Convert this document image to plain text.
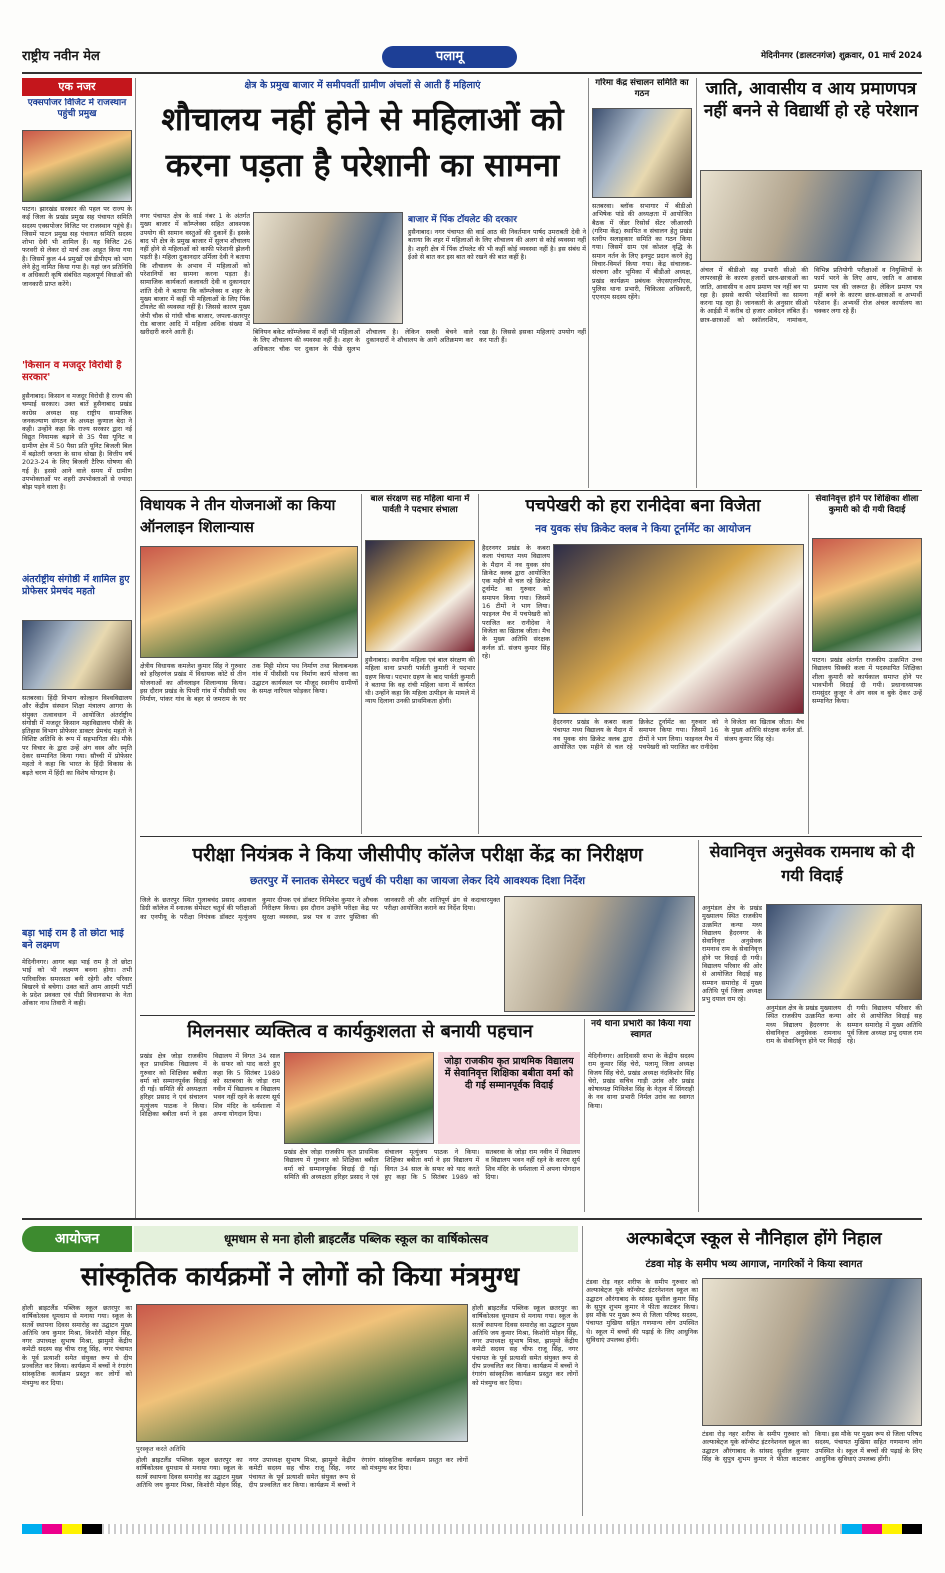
राष्ट्रीय नवीन मेल	पलामू	मेदिनीनगर (डालटनगंज) शुक्रवार, 01 मार्च 2024
एक नजर
एक्सपोजर विजिट में राजस्थान पहुंची प्रमुख
पाटन। झारखंड सरकार की पहल पर राज्य के कई जिला के प्रखंड प्रमुख सह पंचायत समिति सदस्य एक्सपोजर विजिट पर राजस्थान पहुंचे हैं। जिसमें पाटन प्रमुख सह पंचायत समिति सदस्य शोभा देवी भी शामिल हैं। यह विजिट 26 फरवरी से लेकर दो मार्च तक आहूत किया गया है। जिसमें कुल 44 प्रमुखों एवं डीपीएम को भाग लेने हेतु नामित किया गया है। यहां जन प्रतिनिधि व अधिकारी कृषि संबंधित महत्वपूर्ण विधाओं की जानकारी प्राप्त करेंगे।
'किसान व मजदूर विरोधी है सरकार'
हुसैनाबाद। किसान व मजदूर विरोधी है राज्य की चम्पाई सरकार। उक्त बातें हुसैनाबाद प्रखंड काग्रेस अध्यक्ष सह राष्ट्रीय सामाजिक जनकल्याण संगठन के अध्यक्ष कुणाल बेदा ने कही। उन्होंने कहा कि राज्य सरकार द्वारा नई विद्युत नियामक बढ़ाने से 35 पैसा यूनिट व ग्रामीण क्षेत्र में 50 पैसा प्रति यूनिट बिजली बिल में बढ़ोतरी जनता के साथ धोखा है। वित्तीय वर्ष 2023-24 के लिए बिजली टैरिफ घोषणा की गई है। इससे आने वाले समय में ग्रामीण उपभोक्ताओं पर शहरी उपभोक्ताओं से ज्यादा बोझ पड़ने वाला है।
अंतर्राष्ट्रीय संगोष्ठी में शामिल हुए प्रोफेसर प्रेमचंद महतो
सतबरवा। हिंदी विभाग कोल्हान विश्वविद्यालय और केंद्रीय संस्थान शिक्षा मंत्रालय आगरा के संयुक्त तत्वावधान में आयोजित अंतर्राष्ट्रीय संगोष्ठी में मजदूर किसान महाविद्यालय पौकी के इतिहास विभाग प्रोफेसर डाक्टर प्रेमचंद महतो ने विशिष्ट अतिथि के रूप में सहभागिता की। मौके पर विचार के द्वारा उन्हें अंग वस्त्र और स्मृति देकर सम्मानित किया गया। सौच्ची में प्रोफेसर महतो ने कहा कि भारत के हिंदी विकास के बढ़ते चरण में हिंदी का विशेष योगदान है।
बड़ा भाई राम है तो छोटा भाई बने लक्ष्मण
मेदिनीनगर। आगर बड़ा भाई राम है तो छोटा भाई को भी लक्ष्मण बनना होगा। तभी पारिवारिक समरसता बनी रहेगी और परिवार बिखरने से बचेगा। उक्त बातें आम आदमी पार्टी के प्रदेश प्रवक्ता एवं पीडी विधानसभा के नेता ओंकार नाथ तिवारी ने कही।
क्षेत्र के प्रमुख बाजार में समीपवर्ती ग्रामीण अंचलों से आती हैं महिलाएं
शौचालय नहीं होने से महिलाओं को करना पड़ता है परेशानी का सामना
नगर पंचायत क्षेत्र के वार्ड नंबर 1 के अंतर्गत मुख्य बाजार में कॉम्प्लेक्स सहित आवश्यक उपयोग की सामान वस्तुओं की दुकानें हैं। इसके बाद भी क्षेत्र के प्रमुख बाजार में सुलभ शौचालय नहीं होने से महिलाओं को काफी परेशानी झेलनी पड़ती है। महिला दुकानदार उर्मिला देवी ने बताया कि शौचालय के अभाव में महिलाओं को परेशानियों का सामना करना पड़ता है। सामाजिक कार्यकर्ता कलावती देवी व दुकानदार शांति देवी ने बताया कि कॉम्प्लेक्स व शहर के मुख्य बाजार में कहीं भी महिलाओं के लिए पिंक टॉयलेट की व्यवस्था नहीं है। जिससे कारण मुख्य जेपी चौक से गांधी चौक बाजार, जपला-छतरपुर रोड बाजार आदि में महिला अधिक संख्या में खरीदारी करने आती हैं।
बाजार में पिंक टॉयलेट की दरकार
हुसैनाबाद। नगर पंचायत की वार्ड आठ की निवर्तमान पार्षद उमराबती देवी ने बताया कि शहर में महिलाओं के लिए शौचालय की अलग से कोई व्यवस्था नहीं है। शहरी क्षेत्र में पिंक टॉयलेट की भी कहीं कोई व्यवस्था नहीं है। इस संबंध में ईओ से बात कर इस बात को रखने की बात कहीं है।
बिनियन बकेट कॉम्प्लेक्स में कहीं भी महिलाओं के लिए शौचालय की व्यवस्था नहीं है। शहर के अधिकतर चौक पर दुकान के पीछे सुलभ शौचालय है। लेकिन सब्जी बेचने वाले दुकानदारों ने शौचालय के आगे अतिक्रमण कर रखा है। जिससे इसका महिलाएं उपयोग नहीं कर पाती हैं।
गरिमा केंद्र संचालन समिति का गठन
सतबरवा। ब्लॉक सभागार में बीडीओ अभिषेक पांडे की अध्यक्षता में आयोजित बैठक में जेंडर रिसोर्स सेंटर जीआरसी (गरिमा केंद्र) स्थापित व संचालन हेतु प्रखंड स्तरीय सलाहकार समिति का गठन किया गया। जिसमें ग्राम एवं कोशल वृद्धि के समान नर्तन के लिए इनपुट प्रदान करने हेतु विचार-विमर्श किया गया। केंद्र संचालक-संरचना और भूमिका में बीडीओ अध्यक्ष, प्रखंड कार्यक्रम प्रबंधक जेएसएलपीएस, पुलिस थाना प्रभारी, चिकित्सा अधिकारी, एएनएम सदस्य रहेंगे।
जाति, आवासीय व आय प्रमाणपत्र नहीं बनने से विद्यार्थी हो रहे परेशान
अंचल में बीडीओ सह प्रभारी सीओ की लापरवाही के कारण हजारों छात्र-छात्राओं का जाति, आवासीय व आय प्रमाण पत्र नहीं बन पा रहा है। इससे काफी परेशानियों का सामना करना पड़ रहा है। जानकारी के अनुसार सीओ के आईडी में करीब दो हजार आवेदन लंबित हैं। छात्र-छात्राओं को स्कॉलरशिप, नामांकन, विभिन्न प्रतियोगी परीक्षाओं व नियुक्तियों के फार्म भरने के लिए आय, जाति व आवास प्रमाण पत्र की जरूरत है। लेकिन प्रमाण पत्र नहीं बनने के कारण छात्र-छात्राओं व अभ्यर्थी परेशान हैं। अभ्यर्थी रोज अंचल कार्यालय का चक्कर लगा रहे हैं।
विधायक ने तीन योजनाओं का किया ऑनलाइन शिलान्यास
क्षेत्रीय विधायक कमलेश कुमार सिंह ने गुरुवार को हरिहरगंज प्रखंड में विधायक कोटे से तीन योजनाओं का ऑनलाइन शिलान्यास किया। इस दौरान प्रखंड के पिपरी गांव में पीसीसी पथ निर्माण, पांकर गांव के बहर से जमराम के घर तक मिट्टी मोरम पथ निर्माण तथा बिलाबन्धक गांव में पीसीसी पथ निर्माण कार्य योजना का उद्घाटन कार्यस्थल पर मौजूद स्थानीय ग्रामीणों के समक्ष नारियल फोड़कर किया।
बाल संरक्षण सह महिला थाना में पार्वती ने पदभार संभाला
हुसैनाबाद। स्थानीय महिला एवं बाल संरक्षण की महिला थाना प्रभारी पार्वती कुमारी ने पदभार ग्रहण किया। पदभार ग्रहण के बाद पार्वती कुमारी ने बताया कि वह रांची महिला थाना में कार्यरत थी। उन्होंने कहा कि महिला उत्पीड़न के मामले में न्याय दिलाना उनकी प्राथमिकता होगी।
पचपेखरी को हरा रानीदेवा बना विजेता
नव युवक संघ क्रिकेट क्लब ने किया टूर्नामेंट का आयोजन
हैदरनगर प्रखंड के कबरा कला पंचायत मध्य विद्यालय के मैदान में नव युवक संघ क्रिकेट क्लब द्वारा आयोजित एक महीने से चल रहे क्रिकेट टूर्नामेंट का गुरुवार को समापन किया गया। जिसमें 16 टीमों ने भाग लिया। फाइनल मैच में पचपेखरी को पराजित कर रानीदेवा ने विजेता का खिताब जीता। मैच के मुख्य अतिथि संरक्षक कर्नल डॉ. संजय कुमार सिंह रहे।
हैदरनगर प्रखंड के कबरा कला पंचायत मध्य विद्यालय के मैदान में नव युवक संघ क्रिकेट क्लब द्वारा आयोजित एक महीने से चल रहे क्रिकेट टूर्नामेंट का गुरुवार को समापन किया गया। जिसमें 16 टीमों ने भाग लिया। फाइनल मैच में पचपेखरी को पराजित कर रानीदेवा ने विजेता का खिताब जीता। मैच के मुख्य अतिथि संरक्षक कर्नल डॉ. संजय कुमार सिंह रहे।
सेवानिवृत्त होने पर शिक्षिका शीला कुमारी को दी गयी विदाई
पाटन। प्रखंड अंतर्गत राजकीय उत्क्रमित उच्च विद्यालय सिक्की कला में पदस्थापित शिक्षिका शीला कुमारी को कार्यकाल समाप्त होने पर भावभीनी विदाई दी गयी। प्रधानाध्यापक रामसुंदर कुजूर ने अंग वस्त्र व बुके देकर उन्हें सम्मानित किया।
परीक्षा नियंत्रक ने किया जीसीपीए कॉलेज परीक्षा केंद्र का निरीक्षण
छतरपुर में स्नातक सेमेस्टर चतुर्थ की परीक्षा का जायजा लेकर दिये आवश्यक दिशा निर्देश
जिले के छतरपुर स्थित गुलाबचंद प्रसाद अग्रवाल डिग्री कॉलेज में स्नातक सेमेस्टर चतुर्थ की परीक्षाओं का एनपीयू के परीक्षा नियंत्रक डॉक्टर मृत्युंजय कुमार दीपक एवं डॉक्टर निमिलेश कुमार ने औचक निरीक्षण किया। इस दौरान उन्होंने परीक्षा केंद्र पर सुरक्षा व्यवस्था, प्रश्न पत्र व उत्तर पुस्तिका की जानकारी ली और शांतिपूर्ण ढंग से कदाचारमुक्त परीक्षा आयोजित कराने का निर्देश दिया।
सेवानिवृत्त अनुसेवक रामनाथ को दी गयी विदाई
अनुमंडल क्षेत्र के प्रखंड मुख्यालय स्थित राजकीय उत्क्रमित कन्या मध्य विद्यालय हैदरनगर के सेवानिवृत्त अनुसेवक रामनाथ राम के सेवानिवृत्त होने पर विदाई दी गयी। विद्यालय परिवार की ओर से आयोजित विदाई सह सम्मान समारोह में मुख्य अतिथि पूर्व जिला अध्यक्ष प्रभु दयाल राम रहे।
अनुमंडल क्षेत्र के प्रखंड मुख्यालय स्थित राजकीय उत्क्रमित कन्या मध्य विद्यालय हैदरनगर के सेवानिवृत्त अनुसेवक रामनाथ राम के सेवानिवृत्त होने पर विदाई दी गयी। विद्यालय परिवार की ओर से आयोजित विदाई सह सम्मान समारोह में मुख्य अतिथि पूर्व जिला अध्यक्ष प्रभु दयाल राम रहे।
मिलनसार व्यक्तित्व व कार्यकुशलता से बनायी पहचान
प्रखंड क्षेत्र जोड़ा राजकीय कृत प्राथमिक विद्यालय में गुरुवार को शिक्षिका बबीता वर्मा को सम्मानपूर्वक विदाई दी गई। समिति की अध्यक्षता हरिहर प्रसाद ने एवं संचालन मृत्युंजय पाठक ने किया। शिक्षिका बबीता वर्मा ने इस विद्यालय में विगत 34 साल के सफर को याद करते हुए कहा कि 5 सितंबर 1989 को सतबरवा के जोड़ा राम नवीन में विद्यालय व विद्यालय भवन नहीं रहने के कारण सूर्य शिव मंदिर के धर्मशाला में अपना योगदान दिया।
जोड़ा राजकीय कृत प्राथमिक विद्यालय में सेवानिवृत्त शिक्षिका बबीता वर्मा को दी गई सम्मानपूर्वक विदाई
प्रखंड क्षेत्र जोड़ा राजकीय कृत प्राथमिक विद्यालय में गुरुवार को शिक्षिका बबीता वर्मा को सम्मानपूर्वक विदाई दी गई। समिति की अध्यक्षता हरिहर प्रसाद ने एवं संचालन मृत्युंजय पाठक ने किया। शिक्षिका बबीता वर्मा ने इस विद्यालय में विगत 34 साल के सफर को याद करते हुए कहा कि 5 सितंबर 1989 को सतबरवा के जोड़ा राम नवीन में विद्यालय व विद्यालय भवन नहीं रहने के कारण सूर्य शिव मंदिर के धर्मशाला में अपना योगदान दिया।
नये थाना प्रभारी का किया गया स्वागत
मेदिनीनगर। आदिवासी सभा के केंद्रीय सदस्य राम कुमार सिंह चेरो, पलामू जिला अध्यक्ष विजय सिंह चेरो, प्रखंड अध्यक्ष नंदकिशोर सिंह चेरो, प्रखंड सचिव गाड़ी उरांव और प्रखंड कोषाध्यक्ष मिथिलेश सिंह के नेतृत्व में सिंगराही के नव थाना प्रभारी निर्मल उरांव का स्वागत किया।
आयोजन	धूमधाम से मना होली ब्राइटलैंड पब्लिक स्कूल का वार्षिकोत्सव
सांस्कृतिक कार्यक्रमों ने लोगों को किया मंत्रमुग्ध
होली ब्राइटलैंड पब्लिक स्कूल छतरपुर का वार्षिकोत्सव धूमधाम से मनाया गया। स्कूल के सतर्वे स्थापना दिवस समारोह का उद्घाटन मुख्य अतिथि जय कुमार मिश्रा, किशोरी मोहन सिंह, नगर उपाध्यक्ष सुभाष मिश्रा, झामुमो केंद्रीय कमेटी सदस्य सह चीफ राजू सिंह, नगर पंचायत के पूर्व प्रत्याशी समेत संयुक्त रूप से दीप प्रज्वलित कर किया। कार्यक्रम में बच्चों ने रंगारंग सांस्कृतिक कार्यक्रम प्रस्तुत कर लोगों को मंत्रमुग्ध कर दिया।
होली ब्राइटलैंड पब्लिक स्कूल छतरपुर का वार्षिकोत्सव धूमधाम से मनाया गया। स्कूल के सतर्वे स्थापना दिवस समारोह का उद्घाटन मुख्य अतिथि जय कुमार मिश्रा, किशोरी मोहन सिंह, नगर उपाध्यक्ष सुभाष मिश्रा, झामुमो केंद्रीय कमेटी सदस्य सह चीफ राजू सिंह, नगर पंचायत के पूर्व प्रत्याशी समेत संयुक्त रूप से दीप प्रज्वलित कर किया। कार्यक्रम में बच्चों ने रंगारंग सांस्कृतिक कार्यक्रम प्रस्तुत कर लोगों को मंत्रमुग्ध कर दिया।
पुरस्कृत करते अतिथि
होली ब्राइटलैंड पब्लिक स्कूल छतरपुर का वार्षिकोत्सव धूमधाम से मनाया गया। स्कूल के सतर्वे स्थापना दिवस समारोह का उद्घाटन मुख्य अतिथि जय कुमार मिश्रा, किशोरी मोहन सिंह, नगर उपाध्यक्ष सुभाष मिश्रा, झामुमो केंद्रीय कमेटी सदस्य सह चीफ राजू सिंह, नगर पंचायत के पूर्व प्रत्याशी समेत संयुक्त रूप से दीप प्रज्वलित कर किया। कार्यक्रम में बच्चों ने रंगारंग सांस्कृतिक कार्यक्रम प्रस्तुत कर लोगों को मंत्रमुग्ध कर दिया।
अल्फाबेट्ज स्कूल से नौनिहाल होंगे निहाल
टंडवा मोड़ के समीप भव्य आगाज, नागरिकों ने किया स्वागत
टंडवा रोड़ नहर शरीफ के समीप गुरुवार को अल्फाबेट्ज यूके कॉन्सेप्ट इंटरनेशनल स्कूल का उद्घाटन औरंगाबाद के सांसद सुशील कुमार सिंह के सुपुत्र शुभम कुमार ने फीता काटकर किया। इस मौके पर मुख्य रूप से जिला परिषद सदस्य, पंचायत मुखिया सहित गणमान्य लोग उपस्थित थे। स्कूल में बच्चों की पढ़ाई के लिए आधुनिक सुविधाएं उपलब्ध होंगी।
टंडवा रोड़ नहर शरीफ के समीप गुरुवार को अल्फाबेट्ज यूके कॉन्सेप्ट इंटरनेशनल स्कूल का उद्घाटन औरंगाबाद के सांसद सुशील कुमार सिंह के सुपुत्र शुभम कुमार ने फीता काटकर किया। इस मौके पर मुख्य रूप से जिला परिषद सदस्य, पंचायत मुखिया सहित गणमान्य लोग उपस्थित थे। स्कूल में बच्चों की पढ़ाई के लिए आधुनिक सुविधाएं उपलब्ध होंगी।
